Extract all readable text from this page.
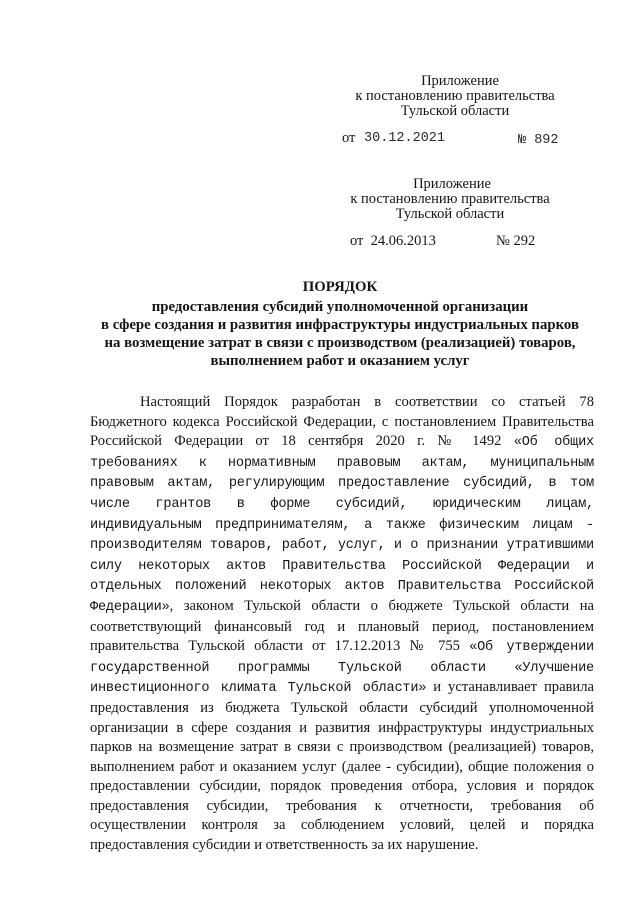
Приложение
к постановлению правительства
Тульской области
от 30.12.2021	№ 892
Приложение
к постановлению правительства
Тульской области
от  24.06.2013	№ 292
ПОРЯДОК
предоставления субсидий уполномоченной организации
в сфере создания и развития инфраструктуры индустриальных парков
на возмещение затрат в связи с производством (реализацией) товаров,
выполнением работ и оказанием услуг
Настоящий Порядок разработан в соответствии со статьей 78 Бюджетного кодекса Российской Федерации, с постановлением Правительства Российской Федерации от 18 сентября 2020 г. № 1492 «Об общих требованиях к нормативным правовым актам, муниципальным правовым актам, регулирующим предоставление субсидий, в том числе грантов в форме субсидий, юридическим лицам, индивидуальным предпринимателям, а также физическим лицам - производителям товаров, работ, услуг, и о признании утратившими силу некоторых актов Правительства Российской Федерации и отдельных положений некоторых актов Правительства Российской Федерации», законом Тульской области о бюджете Тульской области на соответствующий финансовый год и плановый период, постановлением правительства Тульской области от 17.12.2013 № 755 «Об утверждении государственной программы Тульской области «Улучшение инвестиционного климата Тульской области» и устанавливает правила предоставления из бюджета Тульской области субсидий уполномоченной организации в сфере создания и развития инфраструктуры индустриальных парков на возмещение затрат в связи с производством (реализацией) товаров, выполнением работ и оказанием услуг (далее - субсидии), общие положения о предоставлении субсидии, порядок проведения отбора, условия и порядок предоставления субсидии, требования к отчетности, требования об осуществлении контроля за соблюдением условий, целей и порядка предоставления субсидии и ответственность за их нарушение.
